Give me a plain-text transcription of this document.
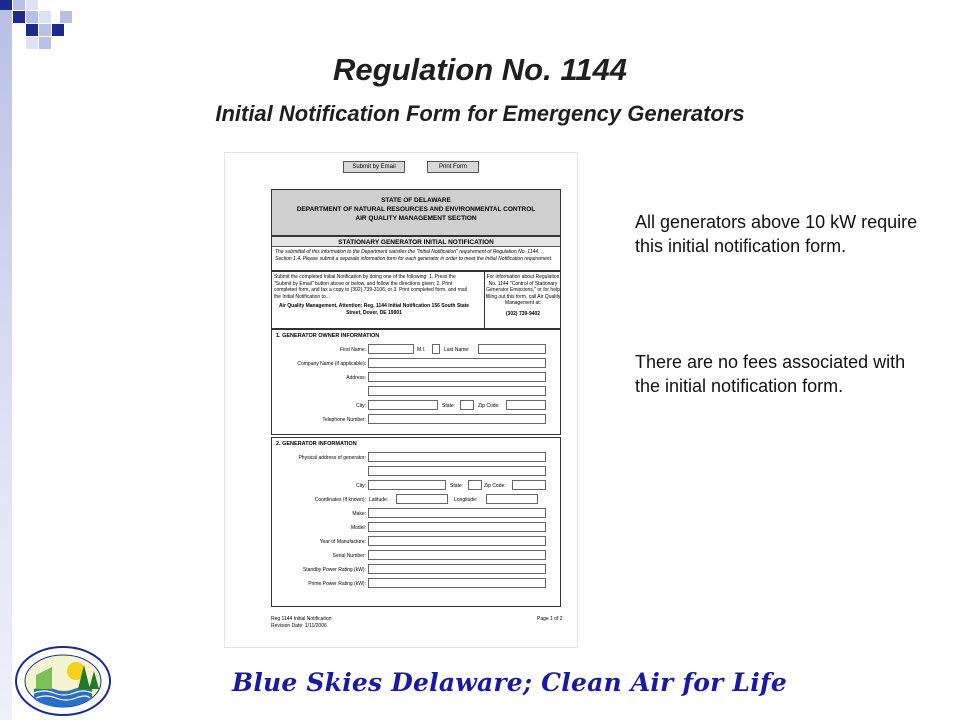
Regulation No. 1144
Initial Notification Form for Emergency Generators
Submit by Email	Print Form
STATE OF DELAWARE
DEPARTMENT OF NATURAL RESOURCES AND ENVIRONMENTAL CONTROL
AIR QUALITY MANAGEMENT SECTION
STATIONARY GENERATOR INITIAL NOTIFICATION
The submittal of this information to the Department satisfies the "Initial Notification" requirement of Regulation No. 1144, Section 1.4. Please submit a separate information form for each generator in order to meet the Initial Notification requirement.
Submit the completed Initial Notification by doing one of the following: 1. Press the "Submit by Email" button above or below, and follow the directions given; 2. Print completed form, and fax a copy to (302) 739-3106; or 3. Print completed form, and mail the Initial Notification to...
Air Quality Management, Attention: Reg. 1144 Initial Notification 156 South State Street, Dover, DE 19901
For information about Regulation No. 1144 "Control of Stationary Generator Emissions," or for help filling out this form, call Air Quality Management at:
(302) 739-9402
1. GENERATOR OWNER INFORMATION
First Name:	M.I.	Last Name:
Company Name (if applicable):
Address:
City:	State:	Zip Code:
Telephone Number:
2. GENERATOR INFORMATION
Physical address of generator:
City:	State:	Zip Code:
Coordinates (if known): Latitude:	Longitude:
Make:
Model:
Year of Manufacture:
Serial Number:
Standby Power Rating (kW):
Prime Power Rating (kW):
Reg 1144 Initial Notification
Revision Date: 1/11/2006
Page 1 of 2
All generators above 10 kW require this initial notification form.
There are no fees associated with the initial notification form.
Blue Skies Delaware; Clean Air for Life
